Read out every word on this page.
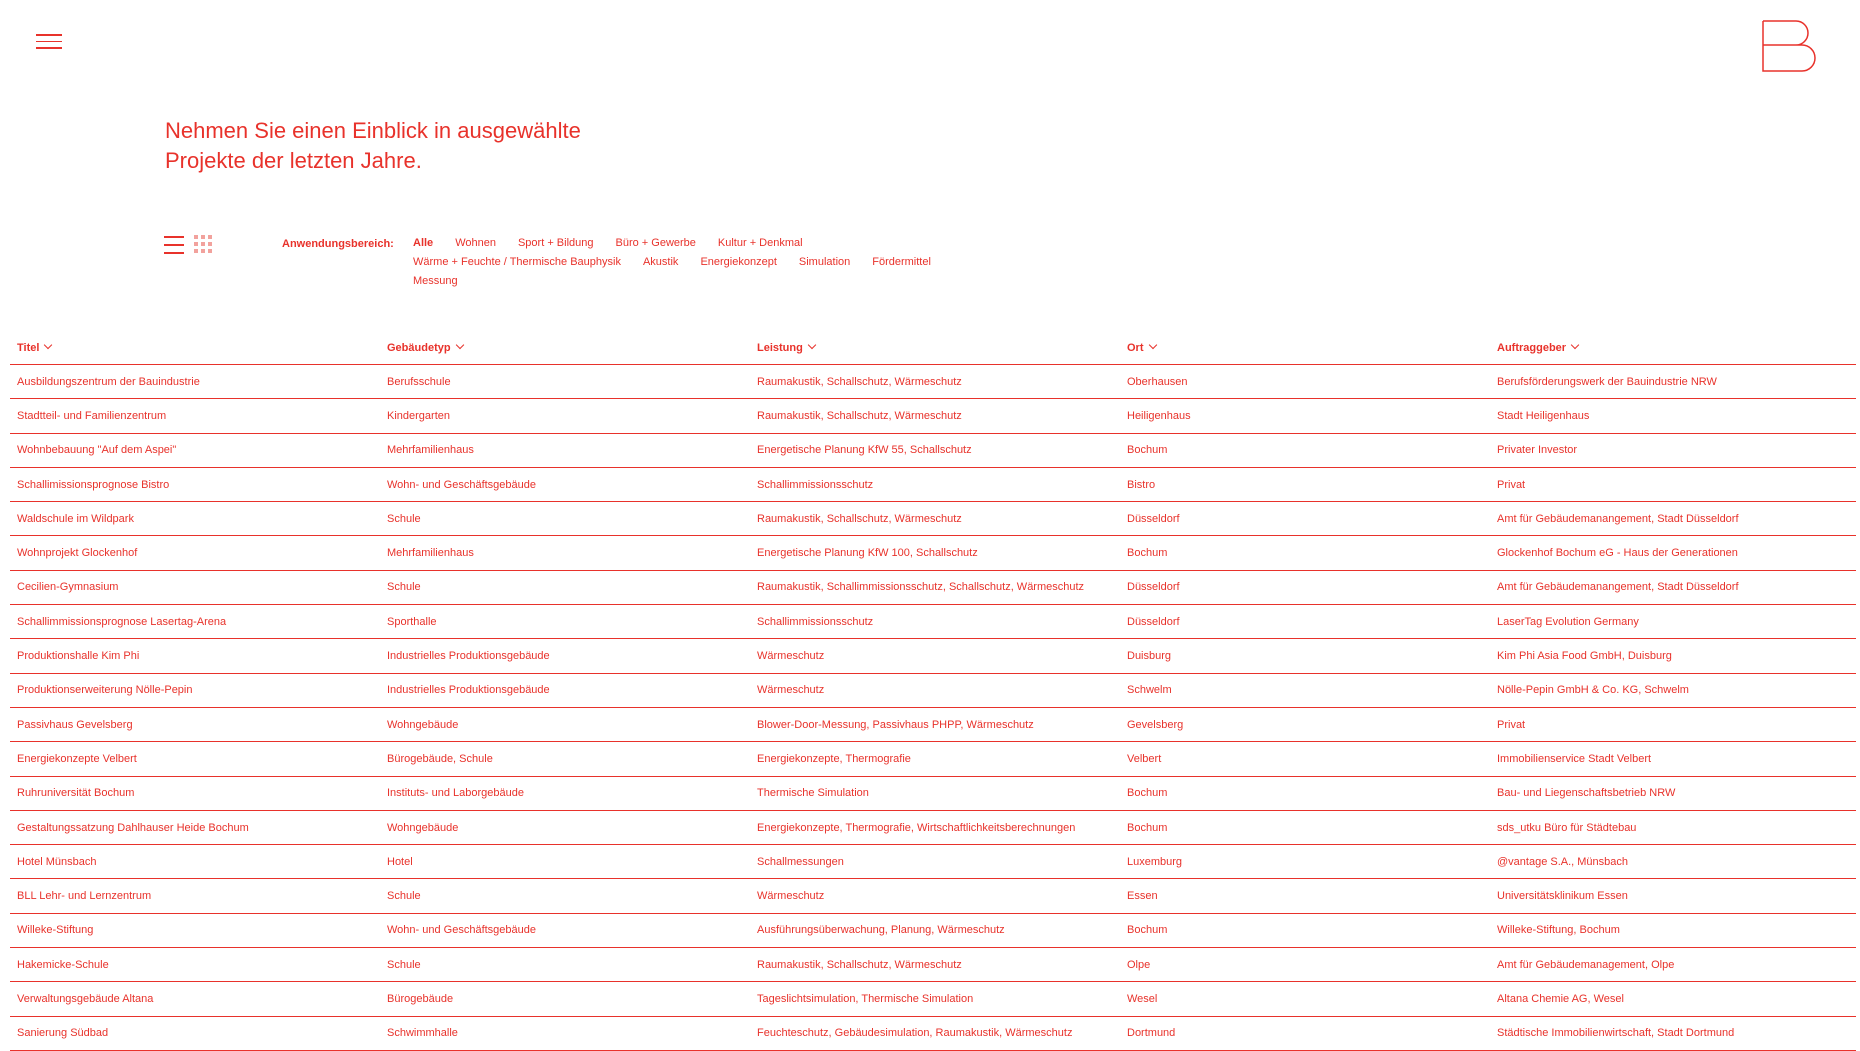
Nehmen Sie einen Einblick in ausgewählte
Projekte der letzten Jahre.
Anwendungsbereich: Alle Wohnen Sport + Bildung Büro + Gewerbe Kultur + Denkmal
Wärme + Feuchte / Thermische Bauphysik Akustik Energiekonzept Simulation Fördermittel
Messung
Titel	Gebäudetyp	Leistung	Ort	Auftraggeber
Ausbildungszentrum der Bauindustrie	Berufsschule	Raumakustik, Schallschutz, Wärmeschutz	Oberhausen	Berufsförderungswerk der Bauindustrie NRW
Stadtteil- und Familienzentrum	Kindergarten	Raumakustik, Schallschutz, Wärmeschutz	Heiligenhaus	Stadt Heiligenhaus
Wohnbebauung "Auf dem Aspei"	Mehrfamilienhaus	Energetische Planung KfW 55, Schallschutz	Bochum	Privater Investor
Schallimissionsprognose Bistro	Wohn- und Geschäftsgebäude	Schallimmissionsschutz	Bistro	Privat
Waldschule im Wildpark	Schule	Raumakustik, Schallschutz, Wärmeschutz	Düsseldorf	Amt für Gebäudemanangement, Stadt Düsseldorf
Wohnprojekt Glockenhof	Mehrfamilienhaus	Energetische Planung KfW 100, Schallschutz	Bochum	Glockenhof Bochum eG - Haus der Generationen
Cecilien-Gymnasium	Schule	Raumakustik, Schallimmissionsschutz, Schallschutz, Wärmeschutz	Düsseldorf	Amt für Gebäudemanangement, Stadt Düsseldorf
Schallimmissionsprognose Lasertag-Arena	Sporthalle	Schallimmissionsschutz	Düsseldorf	LaserTag Evolution Germany
Produktionshalle Kim Phi	Industrielles Produktionsgebäude	Wärmeschutz	Duisburg	Kim Phi Asia Food GmbH, Duisburg
Produktionserweiterung Nölle-Pepin	Industrielles Produktionsgebäude	Wärmeschutz	Schwelm	Nölle-Pepin GmbH & Co. KG, Schwelm
Passivhaus Gevelsberg	Wohngebäude	Blower-Door-Messung, Passivhaus PHPP, Wärmeschutz	Gevelsberg	Privat
Energiekonzepte Velbert	Bürogebäude, Schule	Energiekonzepte, Thermografie	Velbert	Immobilienservice Stadt Velbert
Ruhruniversität Bochum	Instituts- und Laborgebäude	Thermische Simulation	Bochum	Bau- und Liegenschaftsbetrieb NRW
Gestaltungssatzung Dahlhauser Heide Bochum	Wohngebäude	Energiekonzepte, Thermografie, Wirtschaftlichkeitsberechnungen	Bochum	sds_utku Büro für Städtebau
Hotel Münsbach	Hotel	Schallmessungen	Luxemburg	@vantage S.A., Münsbach
BLL Lehr- und Lernzentrum	Schule	Wärmeschutz	Essen	Universitätsklinikum Essen
Willeke-Stiftung	Wohn- und Geschäftsgebäude	Ausführungsüberwachung, Planung, Wärmeschutz	Bochum	Willeke-Stiftung, Bochum
Hakemicke-Schule	Schule	Raumakustik, Schallschutz, Wärmeschutz	Olpe	Amt für Gebäudemanagement, Olpe
Verwaltungsgebäude Altana	Bürogebäude	Tageslichtsimulation, Thermische Simulation	Wesel	Altana Chemie AG, Wesel
Sanierung Südbad	Schwimmhalle	Feuchteschutz, Gebäudesimulation, Raumakustik, Wärmeschutz	Dortmund	Städtische Immobilienwirtschaft, Stadt Dortmund
